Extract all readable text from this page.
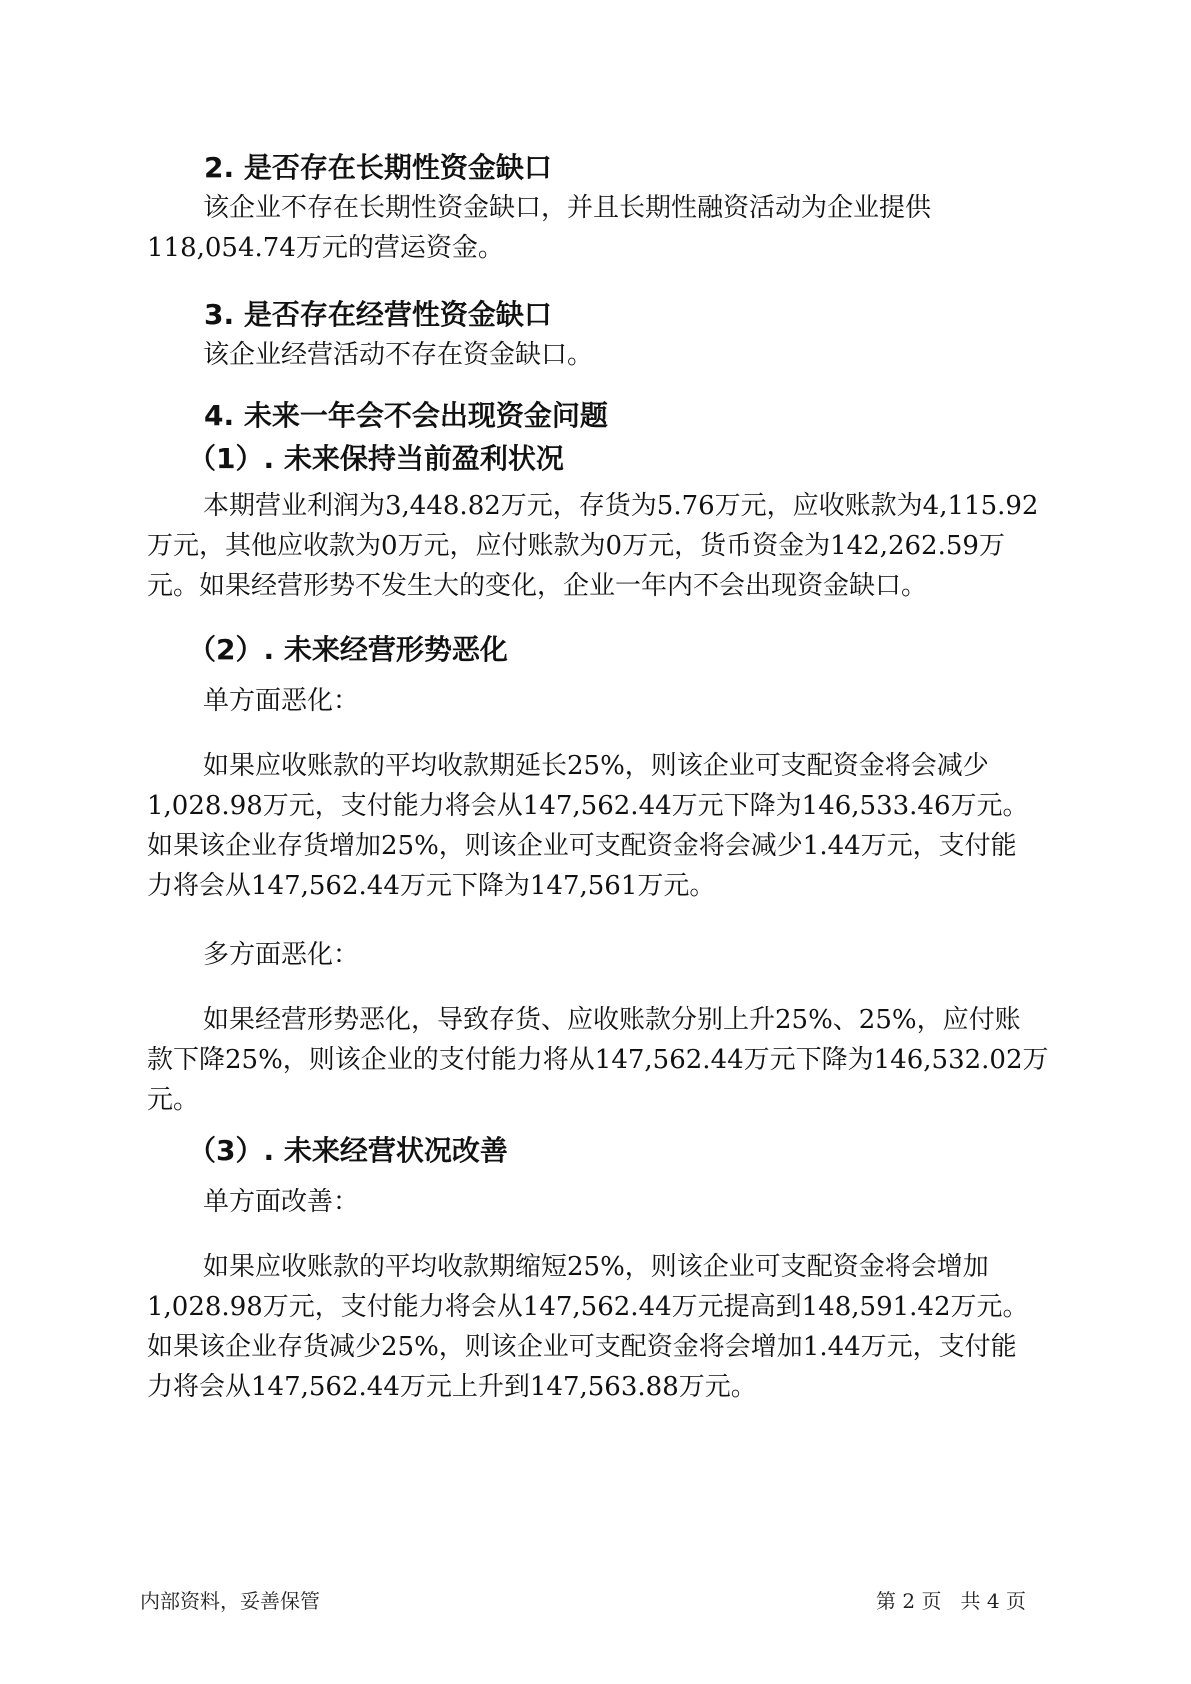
2. 是否存在长期性资金缺口
该企业不存在长期性资金缺口，并且长期性融资活动为企业提供
118,054.74万元的营运资金。
3. 是否存在经营性资金缺口
该企业经营活动不存在资金缺口。
4. 未来一年会不会出现资金问题
（1）. 未来保持当前盈利状况
本期营业利润为3,448.82万元，存货为5.76万元，应收账款为4,115.92
万元，其他应收款为0万元，应付账款为0万元，货币资金为142,262.59万
元。如果经营形势不发生大的变化，企业一年内不会出现资金缺口。
（2）. 未来经营形势恶化
单方面恶化：
如果应收账款的平均收款期延长25%，则该企业可支配资金将会减少
1,028.98万元，支付能力将会从147,562.44万元下降为146,533.46万元。
如果该企业存货增加25%，则该企业可支配资金将会减少1.44万元，支付能
力将会从147,562.44万元下降为147,561万元。
多方面恶化：
如果经营形势恶化，导致存货、应收账款分别上升25%、25%，应付账
款下降25%，则该企业的支付能力将从147,562.44万元下降为146,532.02万
元。
（3）. 未来经营状况改善
单方面改善：
如果应收账款的平均收款期缩短25%，则该企业可支配资金将会增加
1,028.98万元，支付能力将会从147,562.44万元提高到148,591.42万元。
如果该企业存货减少25%，则该企业可支配资金将会增加1.44万元，支付能
力将会从147,562.44万元上升到147,563.88万元。
内部资料，妥善保管	第 2 页   共 4 页
